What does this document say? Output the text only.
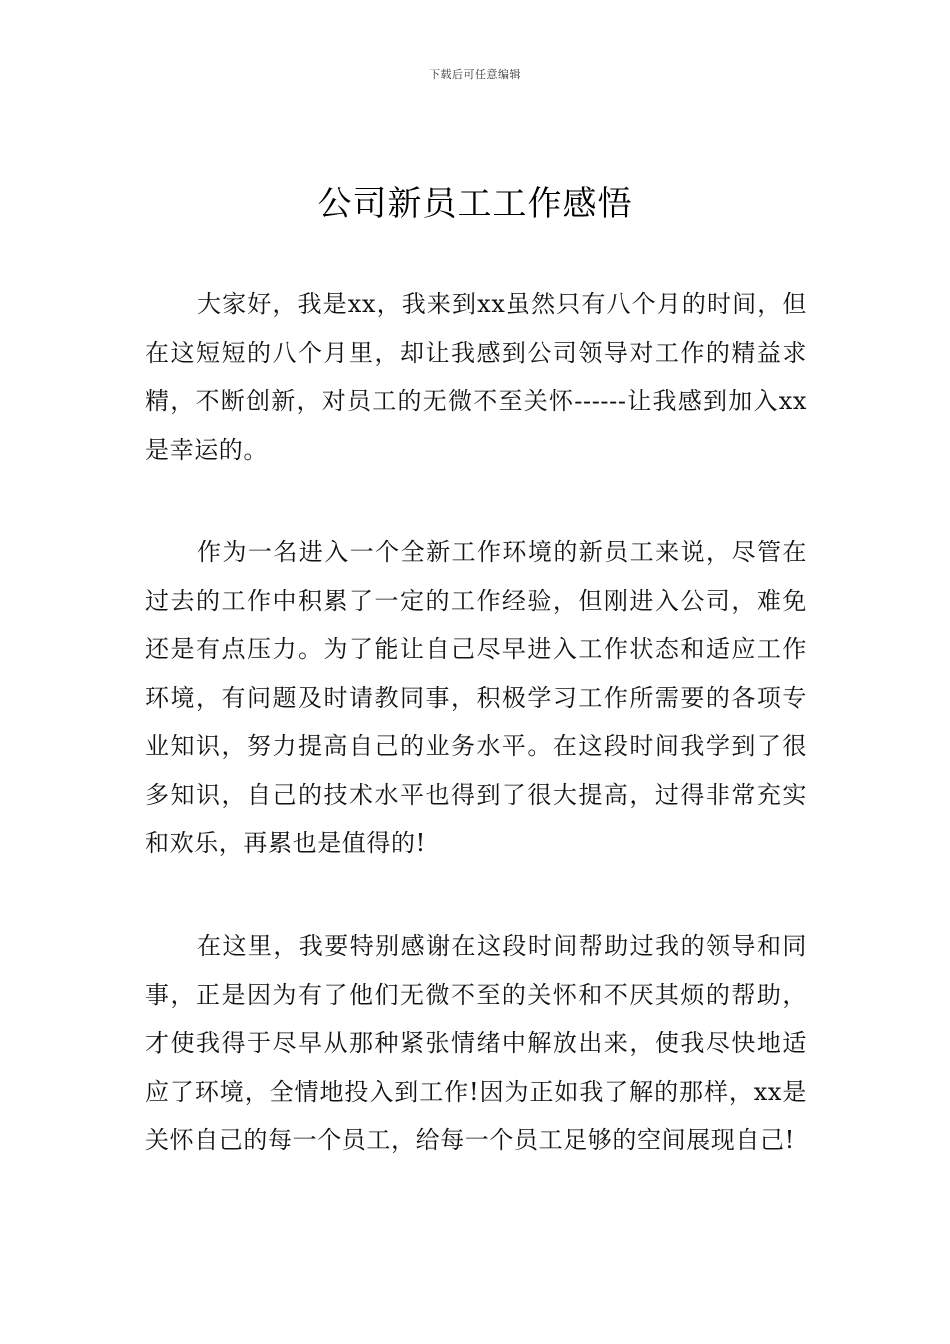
下载后可任意编辑
公司新员工工作感悟

大家好，我是xx，我来到xx虽然只有八个月的时间，但在这短短的八个月里，却让我感到公司领导对工作的精益求精，不断创新，对员工的无微不至关怀------让我感到加入xx是幸运的。

作为一名进入一个全新工作环境的新员工来说，尽管在过去的工作中积累了一定的工作经验，但刚进入公司，难免还是有点压力。为了能让自己尽早进入工作状态和适应工作环境，有问题及时请教同事，积极学习工作所需要的各项专业知识，努力提高自己的业务水平。在这段时间我学到了很多知识，自己的技术水平也得到了很大提高，过得非常充实和欢乐，再累也是值得的!

在这里，我要特别感谢在这段时间帮助过我的领导和同事，正是因为有了他们无微不至的关怀和不厌其烦的帮助，才使我得于尽早从那种紧张情绪中解放出来，使我尽快地适应了环境，全情地投入到工作!因为正如我了解的那样，xx是关怀自己的每一个员工，给每一个员工足够的空间展现自己!
